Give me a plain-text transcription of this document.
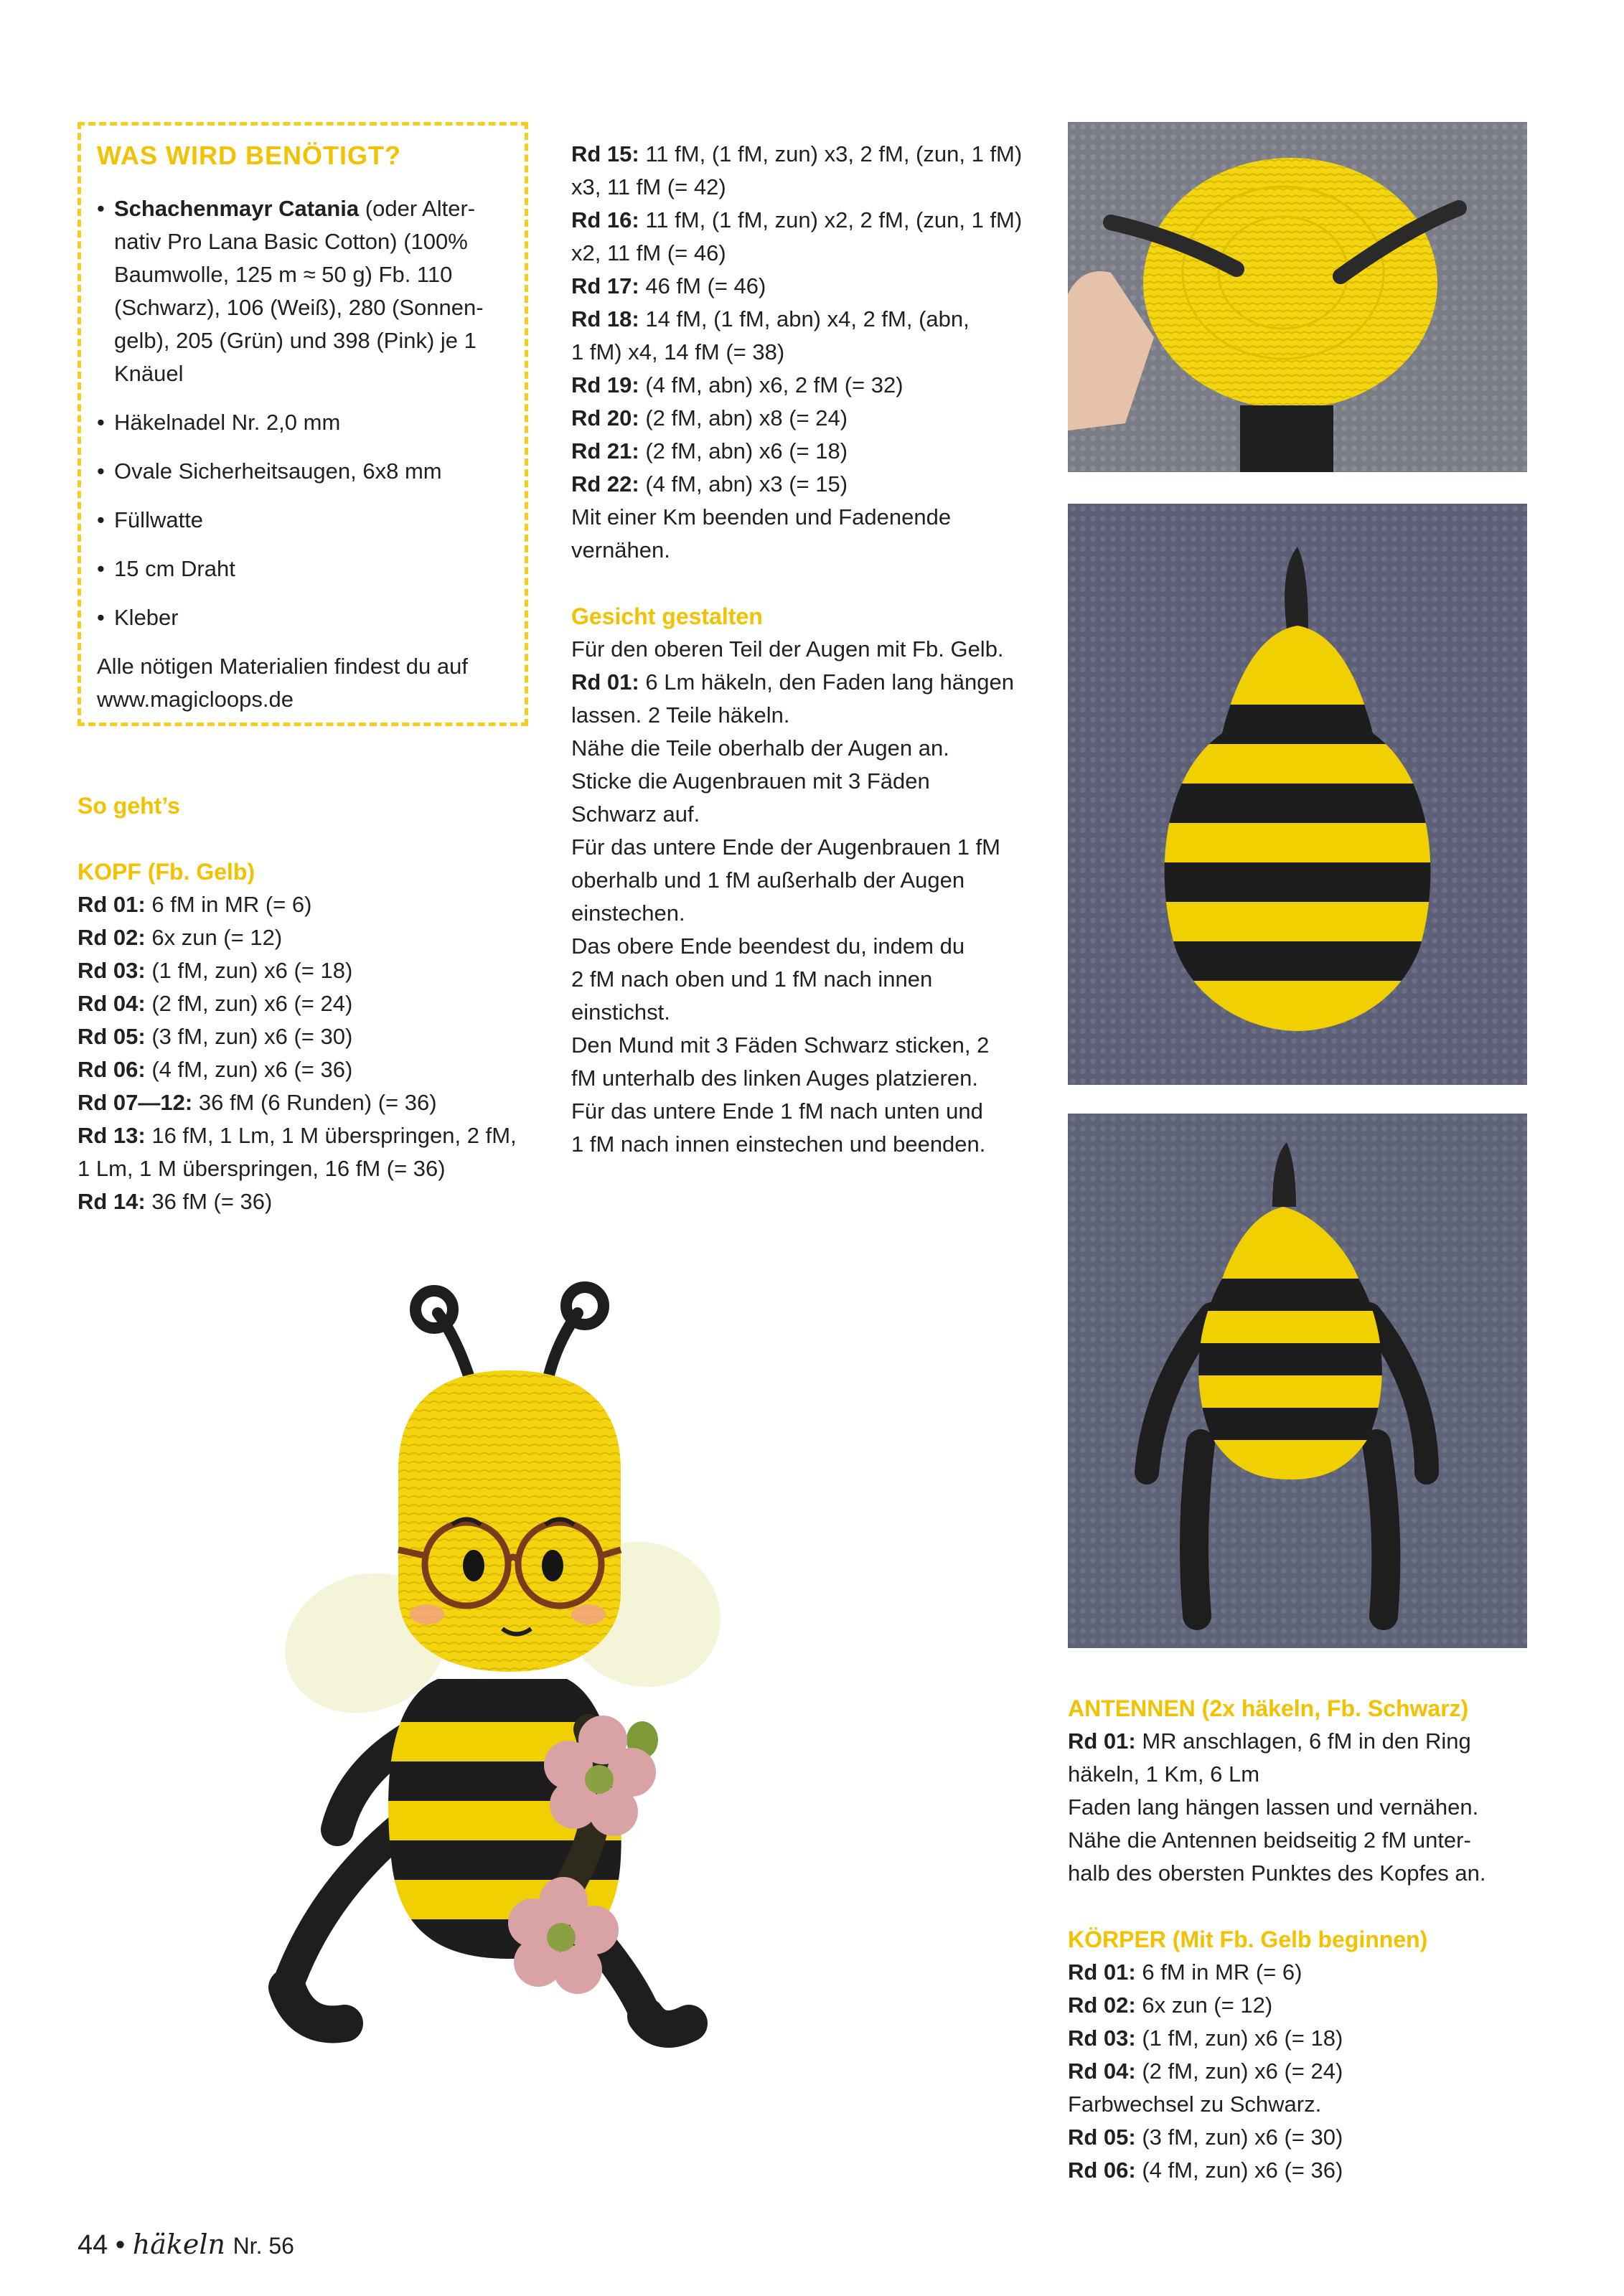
WAS WIRD BENÖTIGT?
• Schachenmayr Catania (oder Alter-
nativ Pro Lana Basic Cotton) (100%
Baumwolle, 125 m ≈ 50 g) Fb. 110
(Schwarz), 106 (Weiß), 280 (Sonnen-
gelb), 205 (Grün) und 398 (Pink) je 1
Knäuel
• Häkelnadel Nr. 2,0 mm
• Ovale Sicherheitsaugen, 6x8 mm
• Füllwatte
• 15 cm Draht
• Kleber
Alle nötigen Materialien findest du auf
www.magicloops.de
So geht’s
KOPF (Fb. Gelb)
Rd 01: 6 fM in MR (= 6)
Rd 02: 6x zun (= 12)
Rd 03: (1 fM, zun) x6 (= 18)
Rd 04: (2 fM, zun) x6 (= 24)
Rd 05: (3 fM, zun) x6 (= 30)
Rd 06: (4 fM, zun) x6 (= 36)
Rd 07—12: 36 fM (6 Runden) (= 36)
Rd 13: 16 fM, 1 Lm, 1 M überspringen, 2 fM,
1 Lm, 1 M überspringen, 16 fM (= 36)
Rd 14: 36 fM (= 36)
Rd 15: 11 fM, (1 fM, zun) x3, 2 fM, (zun, 1 fM)
x3, 11 fM (= 42)
Rd 16: 11 fM, (1 fM, zun) x2, 2 fM, (zun, 1 fM)
x2, 11 fM (= 46)
Rd 17: 46 fM (= 46)
Rd 18: 14 fM, (1 fM, abn) x4, 2 fM, (abn,
1 fM) x4, 14 fM (= 38)
Rd 19: (4 fM, abn) x6, 2 fM (= 32)
Rd 20: (2 fM, abn) x8 (= 24)
Rd 21: (2 fM, abn) x6 (= 18)
Rd 22: (4 fM, abn) x3 (= 15)
Mit einer Km beenden und Fadenende
vernähen.
Gesicht gestalten
Für den oberen Teil der Augen mit Fb. Gelb.
Rd 01: 6 Lm häkeln, den Faden lang hängen
lassen. 2 Teile häkeln.
Nähe die Teile oberhalb der Augen an.
Sticke die Augenbrauen mit 3 Fäden
Schwarz auf.
Für das untere Ende der Augenbrauen 1 fM
oberhalb und 1 fM außerhalb der Augen
einstechen.
Das obere Ende beendest du, indem du
2 fM nach oben und 1 fM nach innen
einstichst.
Den Mund mit 3 Fäden Schwarz sticken, 2
fM unterhalb des linken Auges platzieren.
Für das untere Ende 1 fM nach unten und
1 fM nach innen einstechen und beenden.
ANTENNEN (2x häkeln, Fb. Schwarz)
Rd 01: MR anschlagen, 6 fM in den Ring
häkeln, 1 Km, 6 Lm
Faden lang hängen lassen und vernähen.
Nähe die Antennen beidseitig 2 fM unter-
halb des obersten Punktes des Kopfes an.
KÖRPER (Mit Fb. Gelb beginnen)
Rd 01: 6 fM in MR (= 6)
Rd 02: 6x zun (= 12)
Rd 03: (1 fM, zun) x6 (= 18)
Rd 04: (2 fM, zun) x6 (= 24)
Farbwechsel zu Schwarz.
Rd 05: (3 fM, zun) x6 (= 30)
Rd 06: (4 fM, zun) x6 (= 36)
44 • häkeln Nr. 56
